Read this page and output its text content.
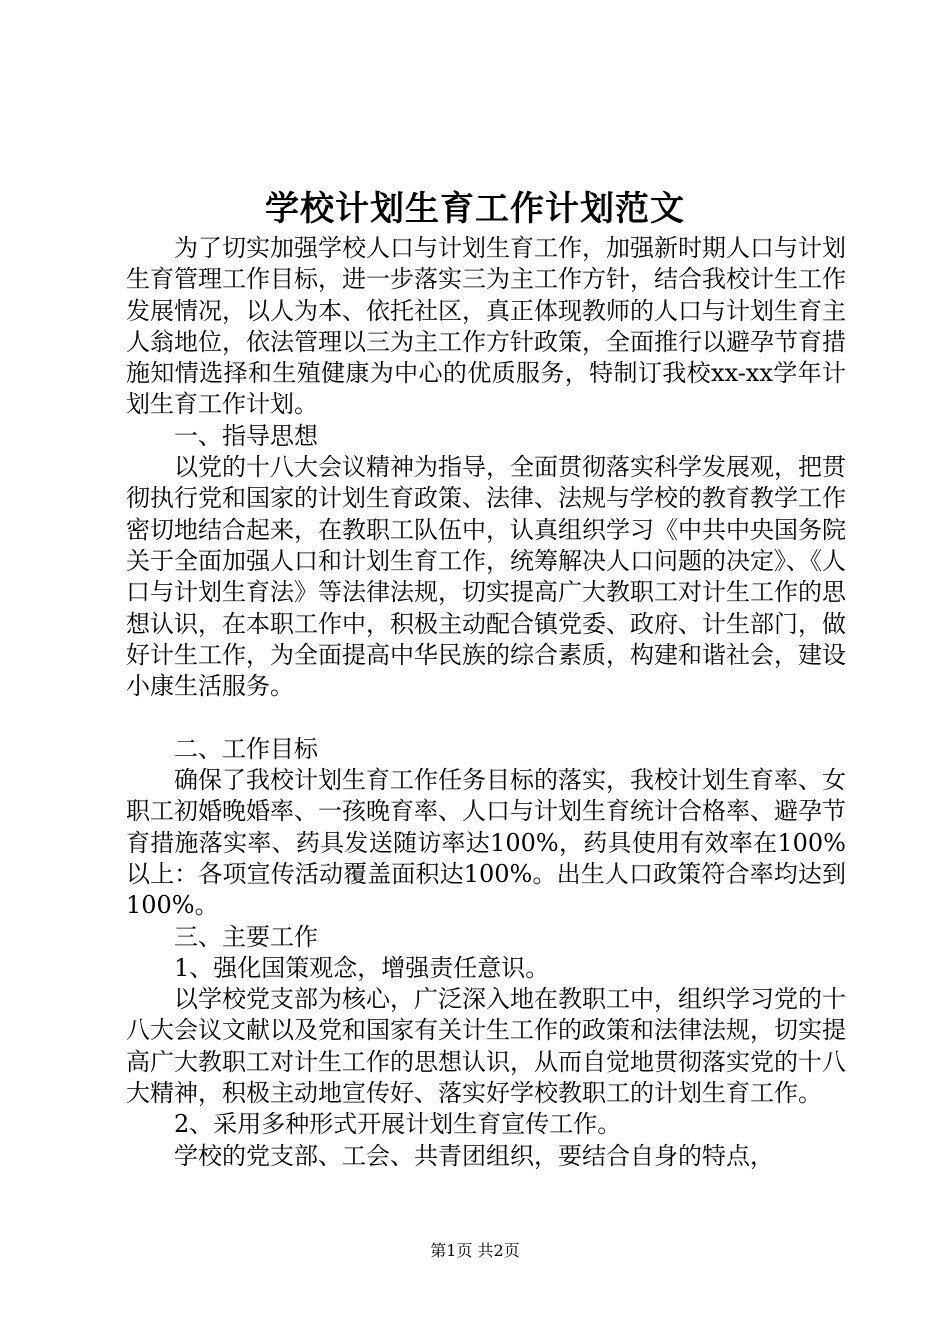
学校计划生育工作计划范文

为了切实加强学校人口与计划生育工作，加强新时期人口与计划生育管理工作目标，进一步落实三为主工作方针，结合我校计生工作发展情况，以人为本、依托社区，真正体现教师的人口与计划生育主人翁地位，依法管理以三为主工作方针政策，全面推行以避孕节育措施知情选择和生殖健康为中心的优质服务，特制订我校xx-xx学年计划生育工作计划。

一、指导思想

以党的十八大会议精神为指导，全面贯彻落实科学发展观，把贯彻执行党和国家的计划生育政策、法律、法规与学校的教育教学工作密切地结合起来，在教职工队伍中，认真组织学习《中共中央国务院关于全面加强人口和计划生育工作，统筹解决人口问题的决定》、《人口与计划生育法》等法律法规，切实提高广大教职工对计生工作的思想认识，在本职工作中，积极主动配合镇党委、政府、计生部门，做好计生工作，为全面提高中华民族的综合素质，构建和谐社会，建设小康生活服务。

二、工作目标

确保了我校计划生育工作任务目标的落实，我校计划生育率、女职工初婚晚婚率、一孩晚育率、人口与计划生育统计合格率、避孕节育措施落实率、药具发送随访率达100%，药具使用有效率在100%以上：各项宣传活动覆盖面积达100%。出生人口政策符合率均达到100%。

三、主要工作

1、强化国策观念，增强责任意识。

以学校党支部为核心，广泛深入地在教职工中，组织学习党的十八大会议文献以及党和国家有关计生工作的政策和法律法规，切实提高广大教职工对计生工作的思想认识，从而自觉地贯彻落实党的十八大精神，积极主动地宣传好、落实好学校教职工的计划生育工作。

2、采用多种形式开展计划生育宣传工作。

学校的党支部、工会、共青团组织，要结合自身的特点，

第1页 共2页
